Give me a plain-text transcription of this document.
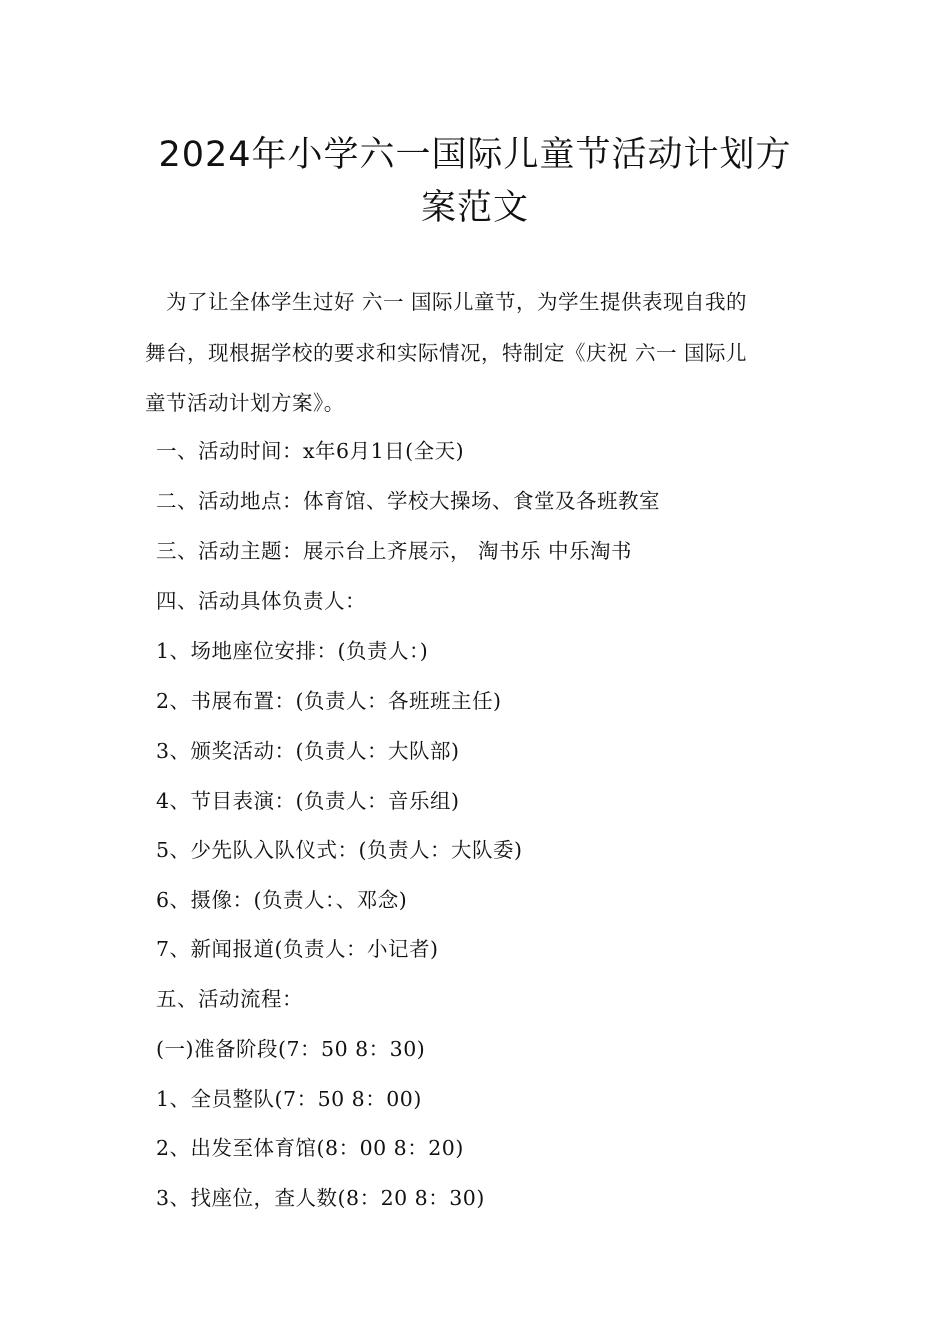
2024年小学六一国际儿童节活动计划方
案范文
为了让全体学生过好 六一 国际儿童节，为学生提供表现自我的
舞台，现根据学校的要求和实际情况，特制定《庆祝 六一 国际儿
童节活动计划方案》。
一、活动时间：x年6月1日(全天)
二、活动地点：体育馆、学校大操场、食堂及各班教室
三、活动主题：展示台上齐展示， 淘书乐 中乐淘书
四、活动具体负责人：
1、场地座位安排：(负责人：)
2、书展布置：(负责人：各班班主任)
3、颁奖活动：(负责人：大队部)
4、节目表演：(负责人：音乐组)
5、少先队入队仪式：(负责人：大队委)
6、摄像：(负责人：、邓念)
7、新闻报道(负责人：小记者)
五、活动流程：
(一)准备阶段(7：50 8：30)
1、全员整队(7：50 8：00)
2、出发至体育馆(8：00 8：20)
3、找座位，查人数(8：20 8：30)
